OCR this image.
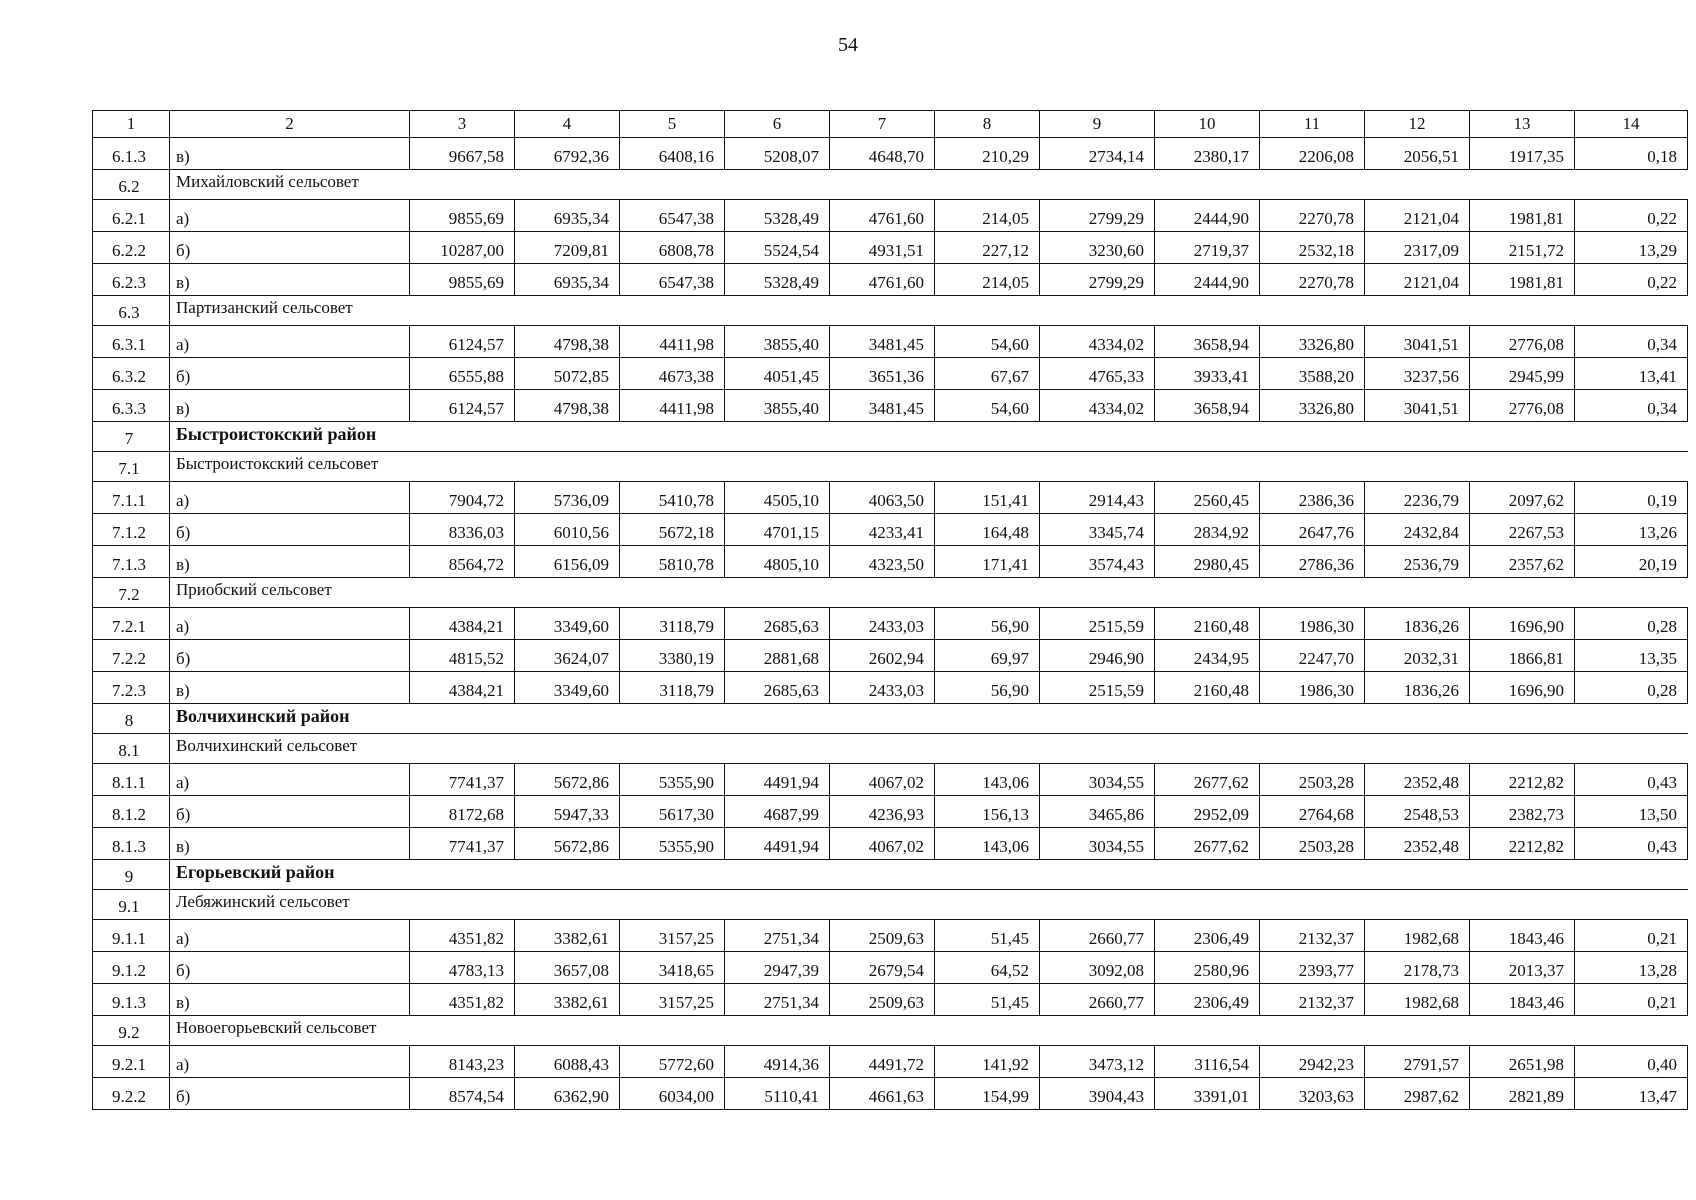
54
1	2	3	4	5	6	7	8	9	10	11	12	13	14
6.1.3	в)	9667,58	6792,36	6408,16	5208,07	4648,70	210,29	2734,14	2380,17	2206,08	2056,51	1917,35	0,18
6.2	Михайловский сельсовет												
6.2.1	а)	9855,69	6935,34	6547,38	5328,49	4761,60	214,05	2799,29	2444,90	2270,78	2121,04	1981,81	0,22
6.2.2	б)	10287,00	7209,81	6808,78	5524,54	4931,51	227,12	3230,60	2719,37	2532,18	2317,09	2151,72	13,29
6.2.3	в)	9855,69	6935,34	6547,38	5328,49	4761,60	214,05	2799,29	2444,90	2270,78	2121,04	1981,81	0,22
6.3	Партизанский сельсовет												
6.3.1	а)	6124,57	4798,38	4411,98	3855,40	3481,45	54,60	4334,02	3658,94	3326,80	3041,51	2776,08	0,34
6.3.2	б)	6555,88	5072,85	4673,38	4051,45	3651,36	67,67	4765,33	3933,41	3588,20	3237,56	2945,99	13,41
6.3.3	в)	6124,57	4798,38	4411,98	3855,40	3481,45	54,60	4334,02	3658,94	3326,80	3041,51	2776,08	0,34
7	Быстроистокский район												
7.1	Быстроистокский сельсовет												
7.1.1	а)	7904,72	5736,09	5410,78	4505,10	4063,50	151,41	2914,43	2560,45	2386,36	2236,79	2097,62	0,19
7.1.2	б)	8336,03	6010,56	5672,18	4701,15	4233,41	164,48	3345,74	2834,92	2647,76	2432,84	2267,53	13,26
7.1.3	в)	8564,72	6156,09	5810,78	4805,10	4323,50	171,41	3574,43	2980,45	2786,36	2536,79	2357,62	20,19
7.2	Приобский сельсовет												
7.2.1	а)	4384,21	3349,60	3118,79	2685,63	2433,03	56,90	2515,59	2160,48	1986,30	1836,26	1696,90	0,28
7.2.2	б)	4815,52	3624,07	3380,19	2881,68	2602,94	69,97	2946,90	2434,95	2247,70	2032,31	1866,81	13,35
7.2.3	в)	4384,21	3349,60	3118,79	2685,63	2433,03	56,90	2515,59	2160,48	1986,30	1836,26	1696,90	0,28
8	Волчихинский район												
8.1	Волчихинский сельсовет												
8.1.1	а)	7741,37	5672,86	5355,90	4491,94	4067,02	143,06	3034,55	2677,62	2503,28	2352,48	2212,82	0,43
8.1.2	б)	8172,68	5947,33	5617,30	4687,99	4236,93	156,13	3465,86	2952,09	2764,68	2548,53	2382,73	13,50
8.1.3	в)	7741,37	5672,86	5355,90	4491,94	4067,02	143,06	3034,55	2677,62	2503,28	2352,48	2212,82	0,43
9	Егорьевский район												
9.1	Лебяжинский сельсовет												
9.1.1	а)	4351,82	3382,61	3157,25	2751,34	2509,63	51,45	2660,77	2306,49	2132,37	1982,68	1843,46	0,21
9.1.2	б)	4783,13	3657,08	3418,65	2947,39	2679,54	64,52	3092,08	2580,96	2393,77	2178,73	2013,37	13,28
9.1.3	в)	4351,82	3382,61	3157,25	2751,34	2509,63	51,45	2660,77	2306,49	2132,37	1982,68	1843,46	0,21
9.2	Новоегорьевский сельсовет												
9.2.1	а)	8143,23	6088,43	5772,60	4914,36	4491,72	141,92	3473,12	3116,54	2942,23	2791,57	2651,98	0,40
9.2.2	б)	8574,54	6362,90	6034,00	5110,41	4661,63	154,99	3904,43	3391,01	3203,63	2987,62	2821,89	13,47
